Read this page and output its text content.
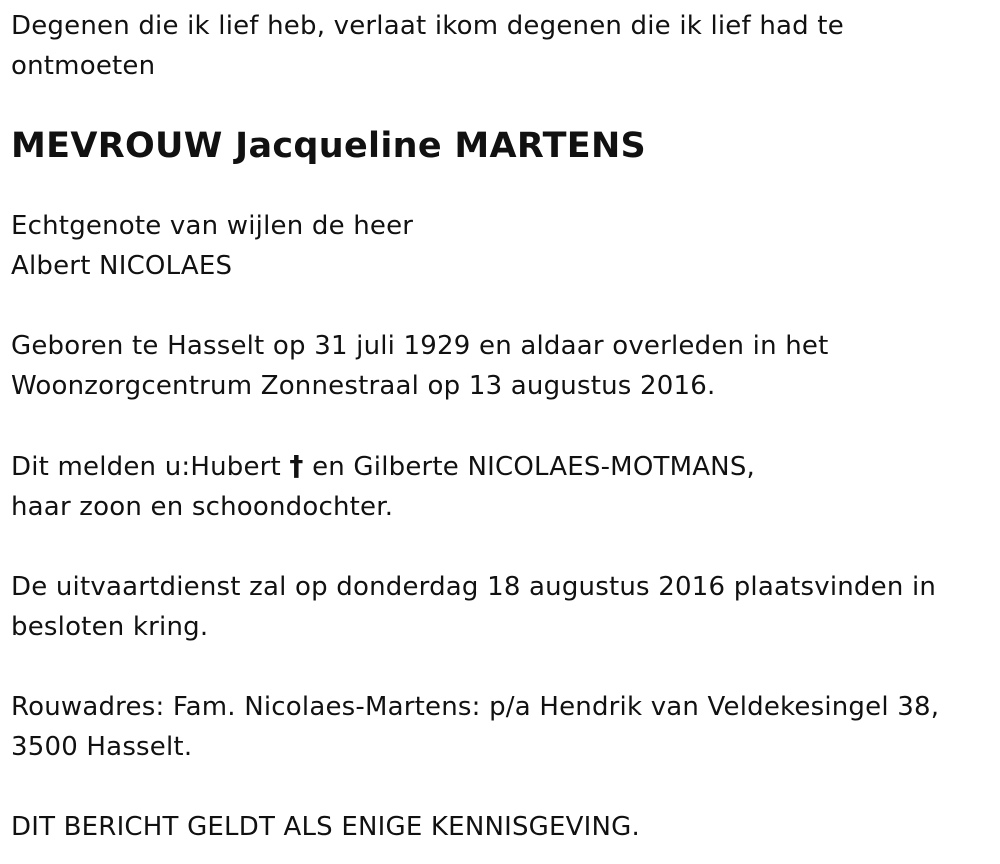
Degenen die ik lief heb, verlaat ikom degenen die ik lief had te
ontmoeten

MEVROUW Jacqueline MARTENS

Echtgenote van wijlen de heer
Albert NICOLAES

Geboren te Hasselt op 31 juli 1929 en aldaar overleden in het
Woonzorgcentrum Zonnestraal op 13 augustus 2016.

Dit melden u:Hubert † en Gilberte NICOLAES-MOTMANS,
haar zoon en schoondochter.

De uitvaartdienst zal op donderdag 18 augustus 2016 plaatsvinden in
besloten kring.

Rouwadres: Fam. Nicolaes-Martens: p/a Hendrik van Veldekesingel 38,
3500 Hasselt.

DIT BERICHT GELDT ALS ENIGE KENNISGEVING.
